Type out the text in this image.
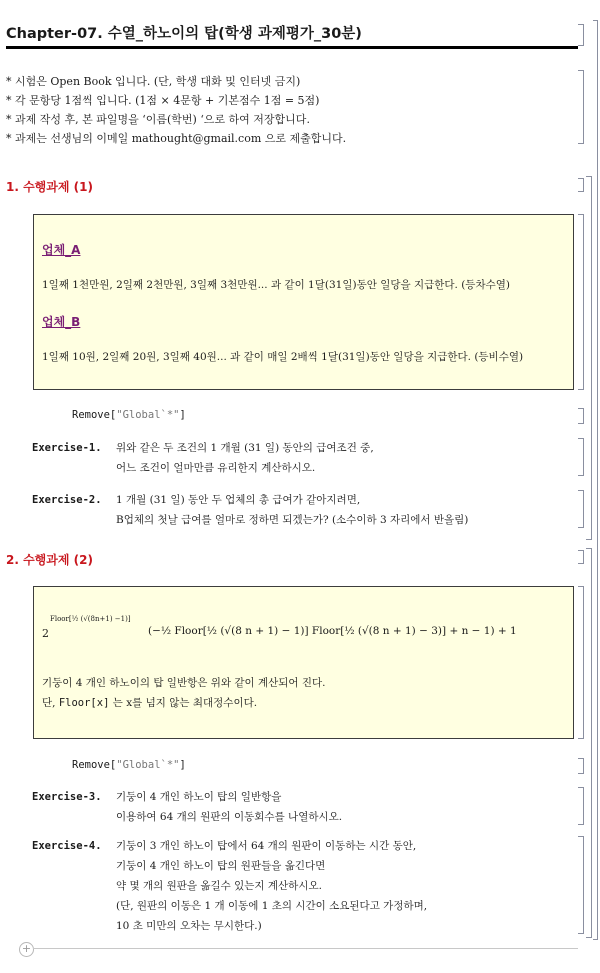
Chapter-07. 수열_하노이의 탑(학생 과제평가_30분)
* 시험은 Open Book 입니다. (단, 학생 대화 및 인터넷 금지)
* 각 문항당 1점씩 입니다. (1점 × 4문항 + 기본점수 1점 = 5점)
* 과제 작성 후, 본 파일명을 ‘이름(학번) ‘으로 하여 저장합니다.
* 과제는 선생님의 이메일 mathought@gmail.com 으로 제출합니다.
1. 수행과제 (1)
업체_A
1일째 1천만원, 2일째 2천만원, 3일째 3천만원... 과 같이 1달(31일)동안 일당을 지급한다. (등차수열)
업체_B
1일째 10원, 2일째 20원, 3일째 40원... 과 같이 매일 2배씩 1달(31일)동안 일당을 지급한다. (등비수열)
Remove["Global`*"]
Exercise-1. 위와 같은 두 조건의 1 개월 (31 일) 동안의 급여조건 중,
어느 조건이 얼마만큼 유리한지 계산하시오.
Exercise-2. 1 개월 (31 일) 동안 두 업체의 총 급여가 같아지려면,
B업체의 첫날 급여를 얼마로 정하면 되겠는가? (소수이하 3 자리에서 반올림)
2. 수행과제 (2)
2
Floor[½ (√(8n+1) −1)]
(−½ Floor[½ (√(8 n + 1) − 1)] Floor[½ (√(8 n + 1) − 3)] + n − 1) + 1
기둥이 4 개인 하노이의 탑 일반항은 위와 같이 계산되어 진다.
단, Floor[x] 는 x를 넘지 않는 최대정수이다.
Remove["Global`*"]
Exercise-3. 기둥이 4 개인 하노이 탑의 일반항을
이용하여 64 개의 원판의 이동회수를 나열하시오.
Exercise-4. 기둥이 3 개인 하노이 탑에서 64 개의 원판이 이동하는 시간 동안,
기둥이 4 개인 하노이 탑의 원판들을 옮긴다면
약 몇 개의 원판을 옮길수 있는지 계산하시오.
(단, 원판의 이동은 1 개 이동에 1 초의 시간이 소요된다고 가정하며,
10 초 미만의 오차는 무시한다.)
+
